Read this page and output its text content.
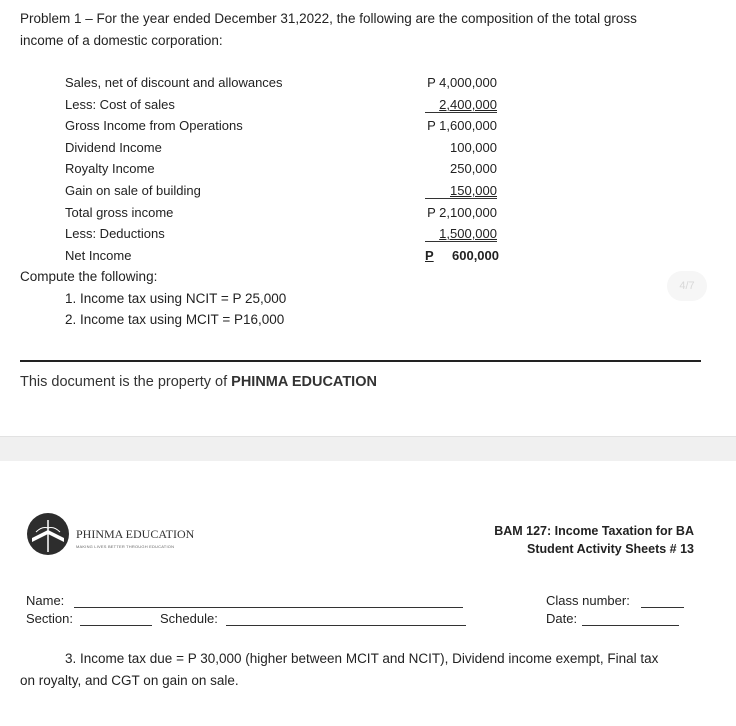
Problem 1 – For the year ended December 31,2022, the following are the composition of the total gross
income of a domestic corporation:
Sales, net of discount and allowances	P 4,000,000
Less: Cost of sales	2,400,000
Gross Income from Operations	P 1,600,000
Dividend Income	100,000
Royalty Income	250,000
Gain on sale of building	150,000
Total gross income	P 2,100,000
Less: Deductions	1,500,000
Net Income	P 600,000
Compute the following:
1. Income tax using NCIT = P 25,000
2. Income tax using MCIT = P16,000
4/7
This document is the property of PHINMA EDUCATION
PHINMA EDUCATION
MAKING LIVES BETTER THROUGH EDUCATION
BAM 127: Income Taxation for BA
Student Activity Sheets # 13
Name:	Class number:
Section:	Schedule:	Date:
3. Income tax due = P 30,000 (higher between MCIT and NCIT), Dividend income exempt, Final tax
on royalty, and CGT on gain on sale.
